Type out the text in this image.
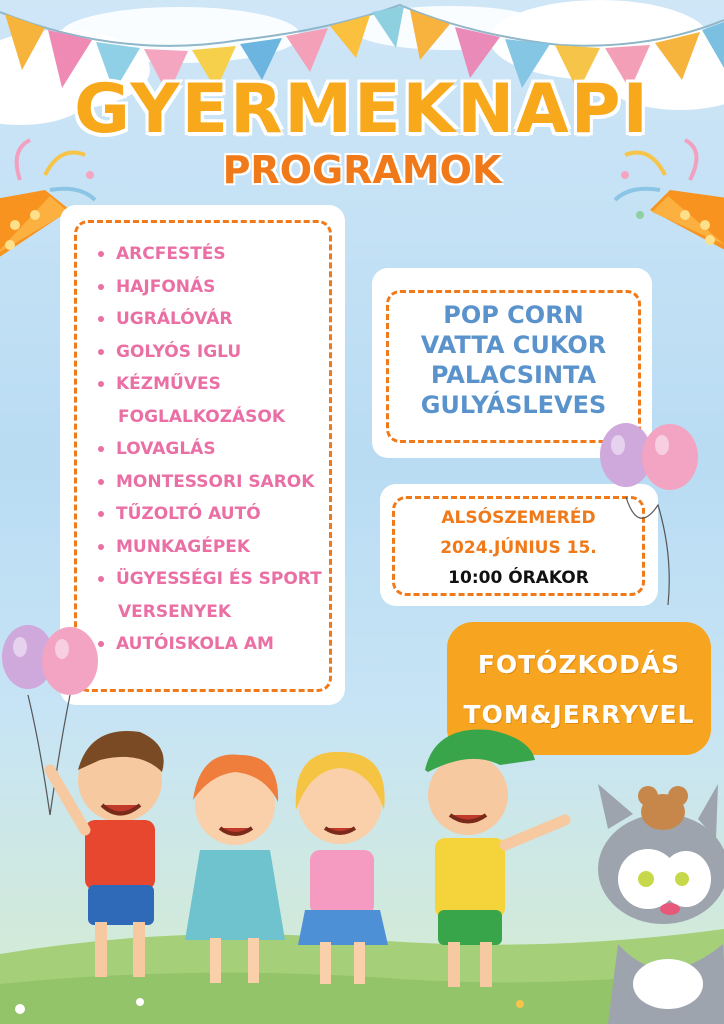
GYERMEKNAPI
PROGRAMOK
ARCFESTÉS
HAJFONÁS
UGRÁLÓVÁR
GOLYÓS IGLU
KÉZMŰVES
FOGLALKOZÁSOK
LOVAGLÁS
MONTESSORI SAROK
TŰZOLTÓ AUTÓ
MUNKAGÉPEK
ÜGYESSÉGI ÉS SPORT
VERSENYEK
AUTÓISKOLA AM
POP CORN
VATTA CUKOR
PALACSINTA
GULYÁSLEVES
ALSÓSZEMERÉD
2024.JÚNIUS 15.
10:00 ÓRAKOR
FOTÓZKODÁS
TOM&JERRYVEL
